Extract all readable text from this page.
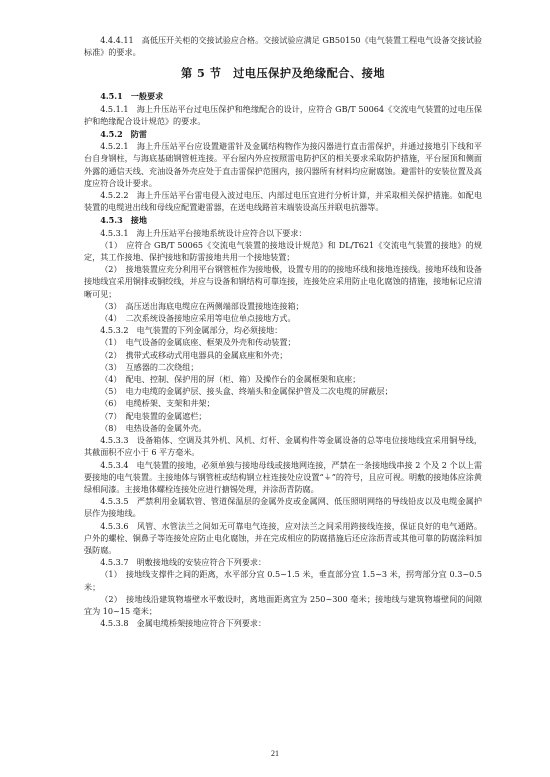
4.4.4.11　高低压开关柜的交接试验应合格。交接试验应满足 GB50150《电气装置工程电气设备交接试验标准》的要求。

第 5 节　过电压保护及绝缘配合、接地

4.5.1　一般要求

4.5.1.1　海上升压站平台过电压保护和绝缘配合的设计，应符合 GB/T 50064《交流电气装置的过电压保护和绝缘配合设计规范》的要求。

4.5.2　防雷

4.5.2.1　海上升压站平台应设置避雷针及金属结构物作为接闪器进行直击雷保护，并通过接地引下线和平台自身钢柱，与海底基础钢管桩连接。平台屋内外应按照雷电防护区的相关要求采取防护措施，平台屋顶和侧面外露的通信天线、充油设备外壳应处于直击雷保护范围内，接闪器所有材料均应耐腐蚀。避雷针的安装位置及高度应符合设计要求。

4.5.2.2　海上升压站平台雷电侵入波过电压、内部过电压宜进行分析计算，并采取相关保护措施。如配电装置的电缆进出线和母线应配置避雷器，在送电线路首末端装设高压并联电抗器等。

4.5.3　接地

4.5.3.1　海上升压站平台接地系统设计应符合以下要求：

（1）　应符合 GB/T 50065《交流电气装置的接地设计规范》和 DL/T621《交流电气装置的接地》的规定，其工作接地、保护接地和防雷接地共用一个接地装置；

（2）　接地装置应充分利用平台钢管桩作为接地极，设置专用的的接地环线和接地连接线。接地环线和设备接地线宜采用铜排或铜绞线，并应与设备和钢结构可靠连接，连接处应采用防止电化腐蚀的措施，接地标记应清晰可见；

（3）　高压送出海底电缆应在两侧端部设置接地连接箱；

（4）　二次系统设备接地应采用等电位单点接地方式。

4.5.3.2　电气装置的下列金属部分，均必须接地：

（1）　电气设备的金属底座、框架及外壳和传动装置；

（2）　携带式或移动式用电器具的金属底座和外壳；

（3）　互感器的二次绕组；

（4）　配电、控制、保护用的屏（柜、箱）及操作台的金属框架和底座；

（5）　电力电缆的金属护层、接头盒、终端头和金属保护管及二次电缆的屏蔽层；

（6）　电缆桥架、支架和井架；

（7）　配电装置的金属遮栏；

（8）　电热设备的金属外壳。

4.5.3.3　设备箱体、空调及其外机、风机、灯杆、金属构件等金属设备的总等电位接地线宜采用铜导线，其截面积不应小于 6 平方毫米。

4.5.3.4　电气装置的接地，必须单独与接地母线或接地网连接，严禁在一条接地线串接 2 个及 2 个以上需要接地的电气装置。主接地体与钢管桩或结构钢立柱连接处应设置“⏚”的符号，且应可视。明敷的接地体应涂黄绿相间漆。主接地体螺栓连接处应进行搪锡处理，并涂沥青防腐。

4.5.3.5　严禁利用金属软管、管道保温层的金属外皮或金属网、低压照明网络的导线铅皮以及电缆金属护层作为接地线。

4.5.3.6　风管、水管法兰之间如无可靠电气连接，应对法兰之间采用跨接线连接，保证良好的电气通路。户外的螺栓、铜鼻子等连接处应防止电化腐蚀，并在完成相应的防腐措施后还应涂沥青或其他可靠的防腐涂料加强防腐。

4.5.3.7　明敷接地线的安装应符合下列要求：

（1）　接地线支撑件之间的距离，水平部分宜 0.5~1.5 米，垂直部分宜 1.5~3 米，拐弯部分宜 0.3~0.5 米；

（2）　接地线沿建筑物墙壁水平敷设时，离地面距离宜为 250~300 毫米；接地线与建筑物墙壁间的间隙宜为 10~15 毫米；

4.5.3.8　金属电缆桥架接地应符合下列要求：

21
